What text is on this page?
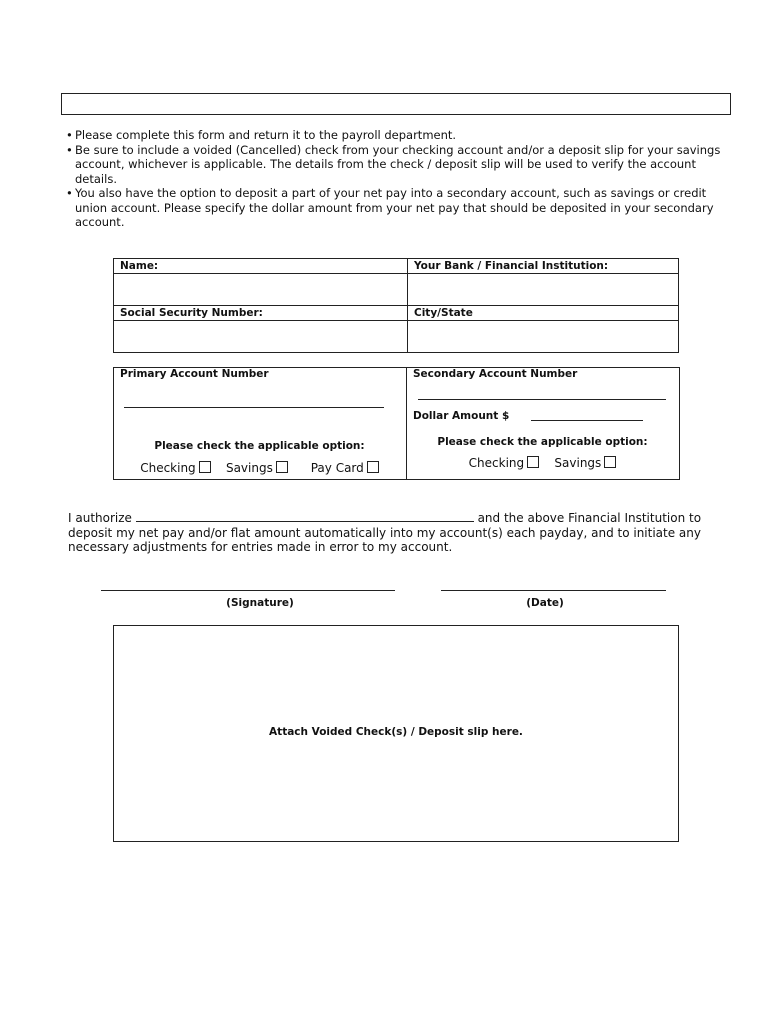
• Please complete this form and return it to the payroll department.
• Be sure to include a voided (Cancelled) check from your checking account and/or a deposit slip for your savings account, whichever is applicable. The details from the check / deposit slip will be used to verify the account details.
• You also have the option to deposit a part of your net pay into a secondary account, such as savings or credit union account. Please specify the dollar amount from your net pay that should be deposited in your secondary account.
Name:	Your Bank / Financial Institution:

Social Security Number:	City/State

Primary Account Number
Please check the applicable option:
Checking	Savings	Pay Card
Secondary Account Number
Dollar Amount $
Please check the applicable option:
Checking	Savings
I authorize	and the above Financial Institution to deposit my net pay and/or flat amount automatically into my account(s) each payday, and to initiate any necessary adjustments for entries made in error to my account.
(Signature)	(Date)
Attach Voided Check(s) / Deposit slip here.
